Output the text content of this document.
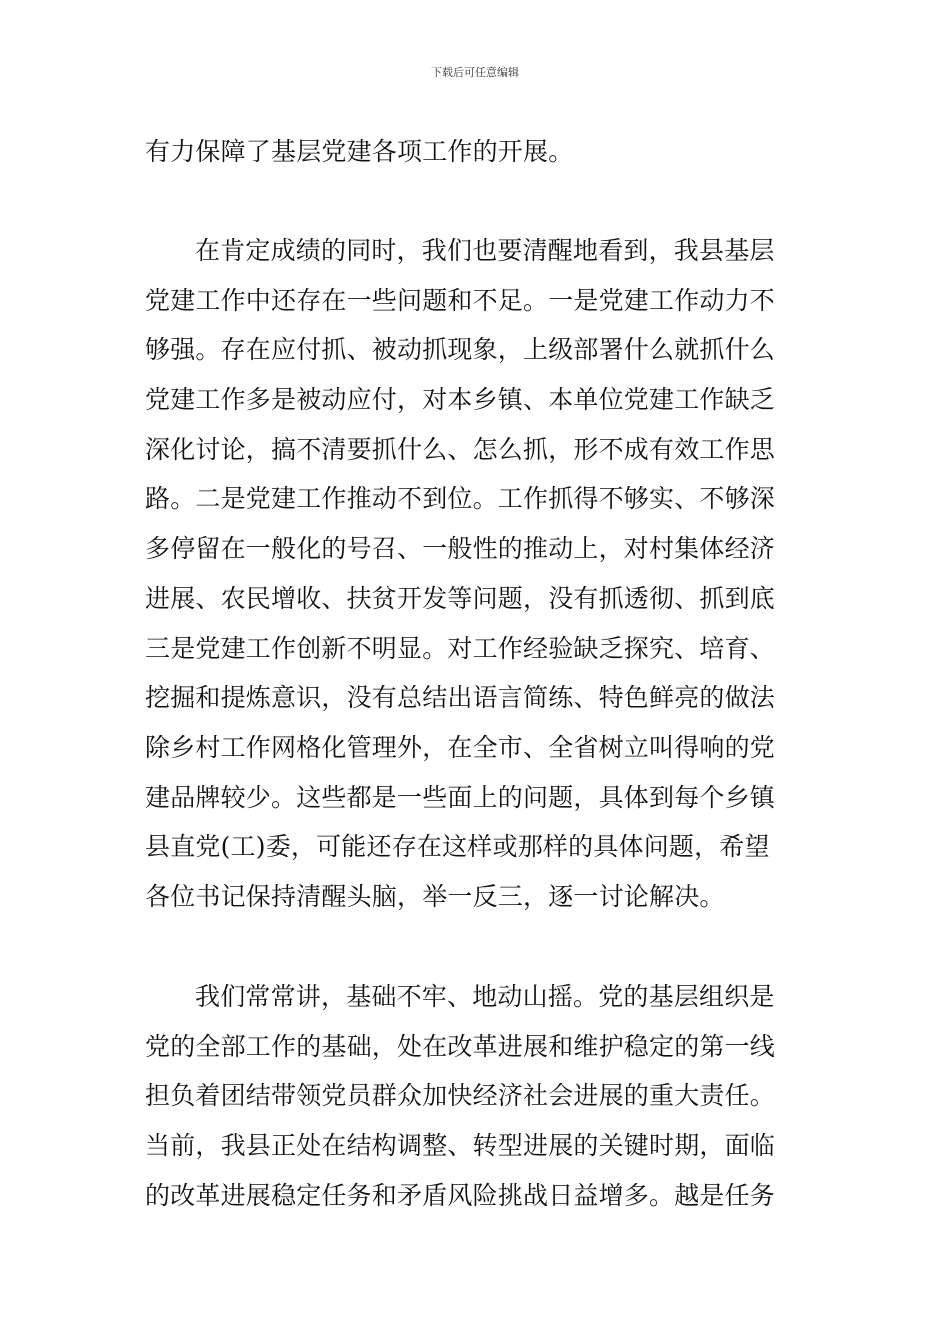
下载后可任意编辑
有力保障了基层党建各项工作的开展。
在肯定成绩的同时，我们也要清醒地看到，我县基层
党建工作中还存在一些问题和不足。一是党建工作动力不
够强。存在应付抓、被动抓现象，上级部署什么就抓什么
党建工作多是被动应付，对本乡镇、本单位党建工作缺乏
深化讨论，搞不清要抓什么、怎么抓，形不成有效工作思
路。二是党建工作推动不到位。工作抓得不够实、不够深
多停留在一般化的号召、一般性的推动上，对村集体经济
进展、农民增收、扶贫开发等问题，没有抓透彻、抓到底
三是党建工作创新不明显。对工作经验缺乏探究、培育、
挖掘和提炼意识，没有总结出语言简练、特色鲜亮的做法
除乡村工作网格化管理外，在全市、全省树立叫得响的党
建品牌较少。这些都是一些面上的问题，具体到每个乡镇
县直党(工)委，可能还存在这样或那样的具体问题，希望
各位书记保持清醒头脑，举一反三，逐一讨论解决。
我们常常讲，基础不牢、地动山摇。党的基层组织是
党的全部工作的基础，处在改革进展和维护稳定的第一线
担负着团结带领党员群众加快经济社会进展的重大责任。
当前，我县正处在结构调整、转型进展的关键时期，面临
的改革进展稳定任务和矛盾风险挑战日益增多。越是任务
